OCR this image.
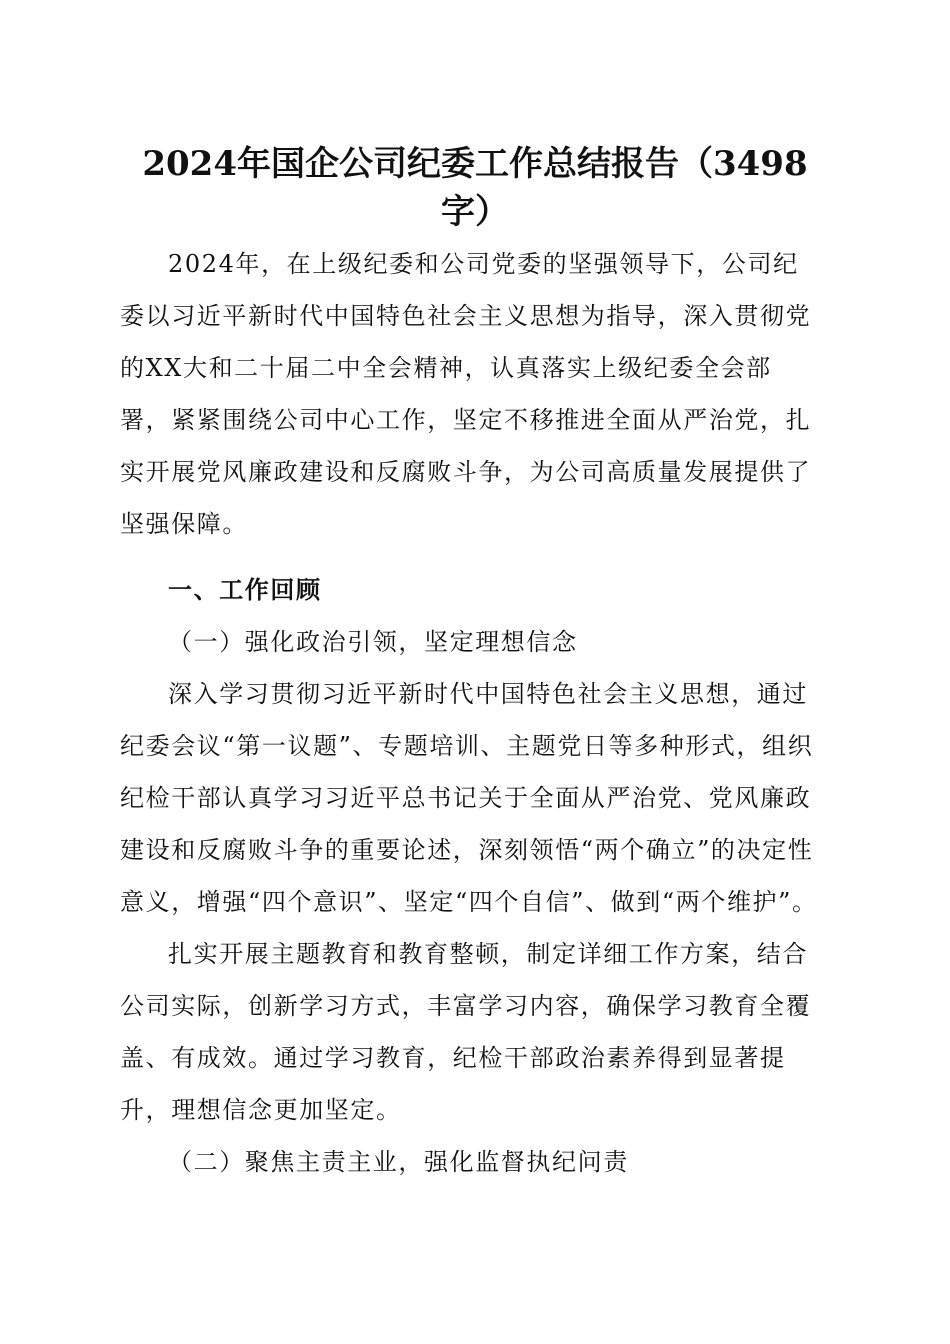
2024年国企公司纪委工作总结报告（3498字）

2024年，在上级纪委和公司党委的坚强领导下，公司纪委以习近平新时代中国特色社会主义思想为指导，深入贯彻党的XX大和二十届二中全会精神，认真落实上级纪委全会部署，紧紧围绕公司中心工作，坚定不移推进全面从严治党，扎实开展党风廉政建设和反腐败斗争，为公司高质量发展提供了坚强保障。

一、工作回顾

（一）强化政治引领，坚定理想信念

深入学习贯彻习近平新时代中国特色社会主义思想，通过纪委会议“第一议题”、专题培训、主题党日等多种形式，组织纪检干部认真学习习近平总书记关于全面从严治党、党风廉政建设和反腐败斗争的重要论述，深刻领悟“两个确立”的决定性意义，增强“四个意识”、坚定“四个自信”、做到“两个维护”。

扎实开展主题教育和教育整顿，制定详细工作方案，结合公司实际，创新学习方式，丰富学习内容，确保学习教育全覆盖、有成效。通过学习教育，纪检干部政治素养得到显著提升，理想信念更加坚定。

（二）聚焦主责主业，强化监督执纪问责
